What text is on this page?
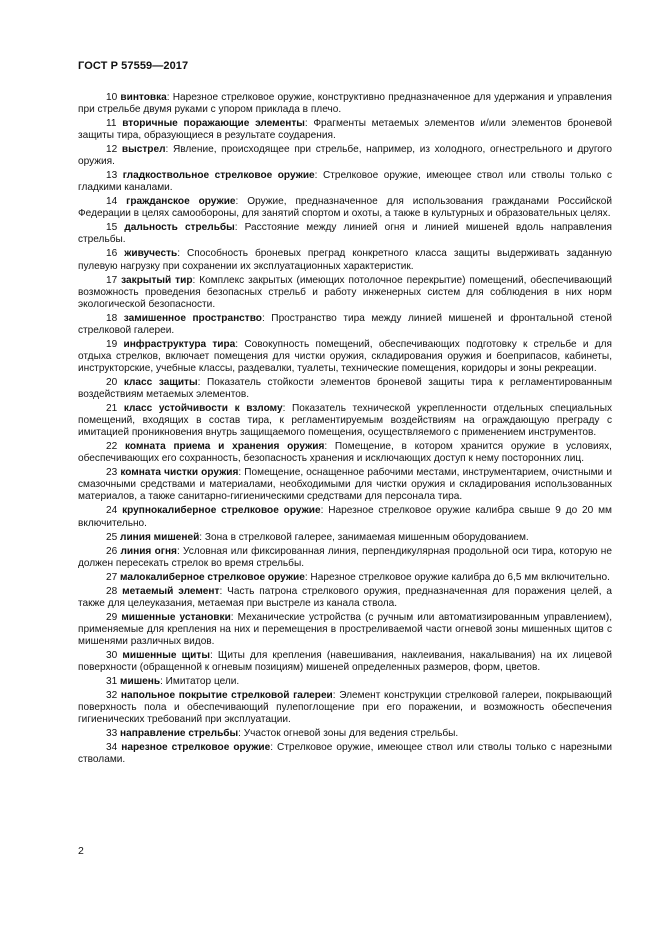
ГОСТ Р 57559—2017

10 винтовка: Нарезное стрелковое оружие, конструктивно предназначенное для удержания и управления при стрельбе двумя руками с упором приклада в плечо.

11 вторичные поражающие элементы: Фрагменты метаемых элементов и/или элементов броневой защиты тира, образующиеся в результате соударения.

12 выстрел: Явление, происходящее при стрельбе, например, из холодного, огнестрельного и другого оружия.

13 гладкоствольное стрелковое оружие: Стрелковое оружие, имеющее ствол или стволы только с гладкими каналами.

14 гражданское оружие: Оружие, предназначенное для использования гражданами Российской Федерации в целях самообороны, для занятий спортом и охоты, а также в культурных и образовательных целях.

15 дальность стрельбы: Расстояние между линией огня и линией мишеней вдоль направления стрельбы.

16 живучесть: Способность броневых преград конкретного класса защиты выдерживать заданную пулевую нагрузку при сохранении их эксплуатационных характеристик.

17 закрытый тир: Комплекс закрытых (имеющих потолочное перекрытие) помещений, обеспечивающий возможность проведения безопасных стрельб и работу инженерных систем для соблюдения в них норм экологической безопасности.

18 замишенное пространство: Пространство тира между линией мишеней и фронтальной стеной стрелковой галереи.

19 инфраструктура тира: Совокупность помещений, обеспечивающих подготовку к стрельбе и для отдыха стрелков, включает помещения для чистки оружия, складирования оружия и боеприпасов, кабинеты, инструкторские, учебные классы, раздевалки, туалеты, технические помещения, коридоры и зоны рекреации.

20 класс защиты: Показатель стойкости элементов броневой защиты тира к регламентированным воздействиям метаемых элементов.

21 класс устойчивости к взлому: Показатель технической укрепленности отдельных специальных помещений, входящих в состав тира, к регламентируемым воздействиям на ограждающую преграду с имитацией проникновения внутрь защищаемого помещения, осуществляемого с применением инструментов.

22 комната приема и хранения оружия: Помещение, в котором хранится оружие в условиях, обеспечивающих его сохранность, безопасность хранения и исключающих доступ к нему посторонних лиц.

23 комната чистки оружия: Помещение, оснащенное рабочими местами, инструментарием, очистными и смазочными средствами и материалами, необходимыми для чистки оружия и складирования использованных материалов, а также санитарно-гигиеническими средствами для персонала тира.

24 крупнокалиберное стрелковое оружие: Нарезное стрелковое оружие калибра свыше 9 до 20 мм включительно.

25 линия мишеней: Зона в стрелковой галерее, занимаемая мишенным оборудованием.

26 линия огня: Условная или фиксированная линия, перпендикулярная продольной оси тира, которую не должен пересекать стрелок во время стрельбы.

27 малокалиберное стрелковое оружие: Нарезное стрелковое оружие калибра до 6,5 мм включительно.

28 метаемый элемент: Часть патрона стрелкового оружия, предназначенная для поражения целей, а также для целеуказания, метаемая при выстреле из канала ствола.

29 мишенные установки: Механические устройства (с ручным или автоматизированным управлением), применяемые для крепления на них и перемещения в простреливаемой части огневой зоны мишенных щитов с мишенями различных видов.

30 мишенные щиты: Щиты для крепления (навешивания, наклеивания, накалывания) на их лицевой поверхности (обращенной к огневым позициям) мишеней определенных размеров, форм, цветов.

31 мишень: Имитатор цели.

32 напольное покрытие стрелковой галереи: Элемент конструкции стрелковой галереи, покрывающий поверхность пола и обеспечивающий пулепоглощение при его поражении, и возможность обеспечения гигиенических требований при эксплуатации.

33 направление стрельбы: Участок огневой зоны для ведения стрельбы.

34 нарезное стрелковое оружие: Стрелковое оружие, имеющее ствол или стволы только с нарезными стволами.

2
